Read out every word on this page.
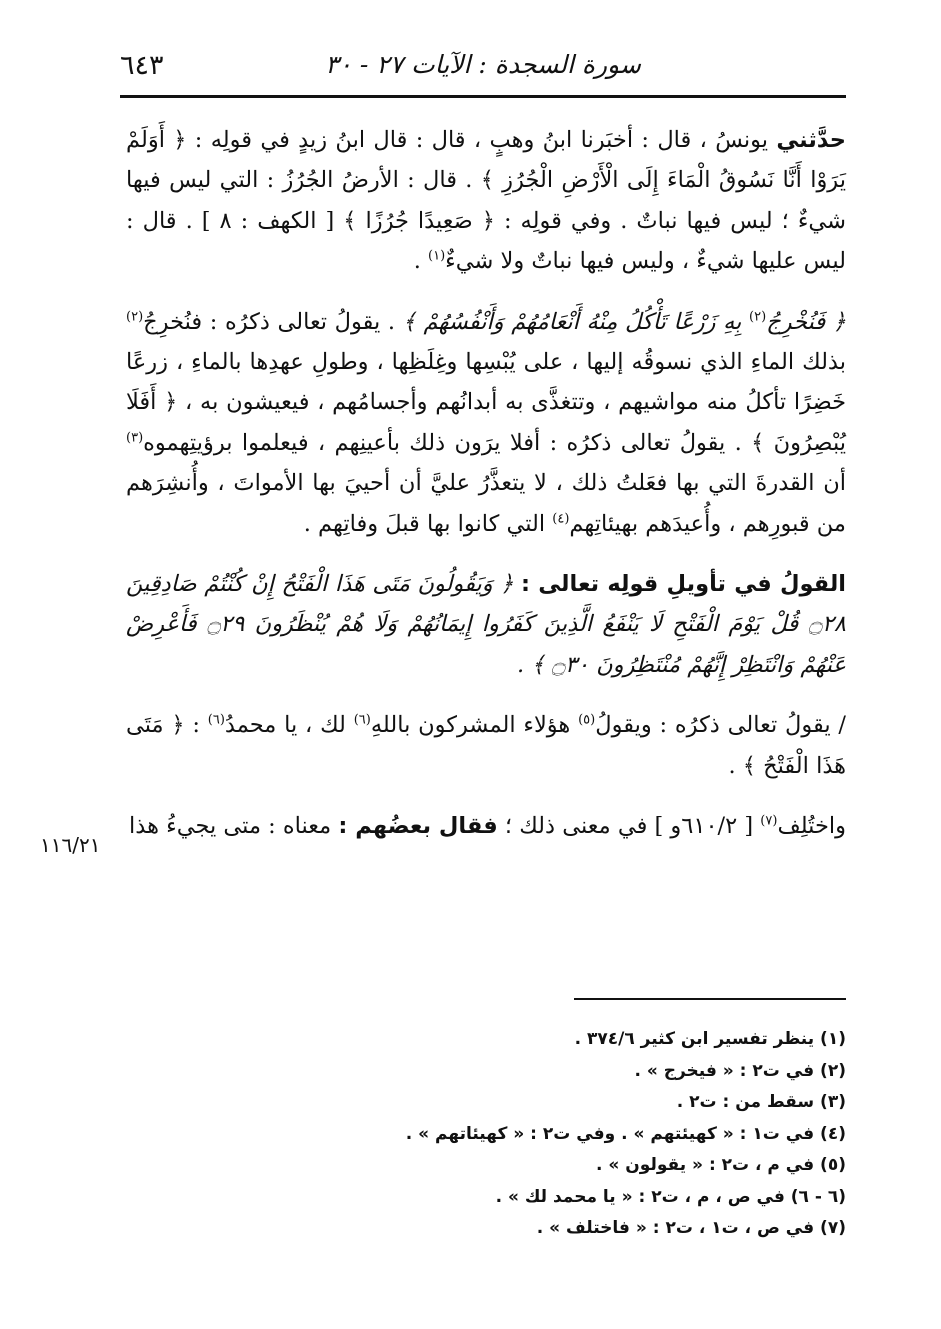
٦٤٣	سورة السجدة : الآيات ٢٧ - ٣٠

حدَّثني يونسُ ، قال : أخبَرنا ابنُ وهبٍ ، قال : قال ابنُ زيدٍ في قولِه : ﴿ أَوَلَمْ يَرَوْا أَنَّا نَسُوقُ الْمَاءَ إِلَى الْأَرْضِ الْجُرُزِ ﴾ . قال : الأرضُ الجُرُزُ : التي ليس فيها شيءٌ ؛ ليس فيها نباتٌ . وفي قولِه : ﴿ صَعِيدًا جُرُزًا ﴾ [ الكهف : ٨ ] . قال : ليس عليها شيءٌ ، وليس فيها نباتٌ ولا شيءٌ$^{(١)}$ .

﴿ فَنُخْرِجُ$^{(٢)}$ بِهِ زَرْعًا تَأْكُلُ مِنْهُ أَنْعَامُهُمْ وَأَنْفُسُهُمْ ﴾ . يقولُ تعالى ذكرُه : فنُخرِجُ$^{(٢)}$ بذلك الماءِ الذي نسوقُه إليها ، على يُبْسِها وغِلَظِها ، وطولِ عهدِها بالماءِ ، زرعًا خَضِرًا تأكلُ منه مواشيهم ، وتتغذَّى به أبدانُهم وأجسامُهم ، فيعيشون به ، ﴿ أَفَلَا يُبْصِرُونَ ﴾ . يقولُ تعالى ذكرُه : أفلا يرَون ذلك بأعينِهم ، فيعلموا برؤيتِهموه$^{(٣)}$ أن القدرةَ التي بها فعَلتُ ذلك ، لا يتعذَّرُ عليَّ أن أحييَ بها الأمواتَ ، وأُنشِرَهم من قبورِهم ، وأُعيدَهم بهيئاتِهم$^{(٤)}$ التي كانوا بها قبلَ وفاتِهم .

القولُ في تأويلِ قولِه تعالى : ﴿ وَيَقُولُونَ مَتَى هَذَا الْفَتْحُ إِنْ كُنْتُمْ صَادِقِينَ ۝٢٨ قُلْ يَوْمَ الْفَتْحِ لَا يَنْفَعُ الَّذِينَ كَفَرُوا إِيمَانُهُمْ وَلَا هُمْ يُنْظَرُونَ ۝٢٩ فَأَعْرِضْ عَنْهُمْ وَانْتَظِرْ إِنَّهُمْ مُنْتَظِرُونَ ۝٣٠ ﴾ .

/ يقولُ تعالى ذكرُه : ويقولُ$^{(٥)}$ هؤلاء المشركون باللهِ$^{(٦)}$ لك ، يا محمدُ$^{(٦)}$ : ﴿ مَتَى هَذَا الْفَتْحُ ﴾ .

واختُلِف$^{(٧)}$ [ ٦١٠/٢و ] في معنى ذلك ؛ فقال بعضُهم : معناه : متى يجيءُ هذا

١١٦/٢١
(١) ينظر تفسير ابن كثير ٣٧٤/٦ .
(٢) في ت٢ : « فيخرج » .
(٣) سقط من : ت٢ .
(٤) في ت١ : « كهيئتهم » . وفي ت٢ : « كهيئاتهم » .
(٥) في م ، ت٢ : « يقولون » .
(٦ - ٦) في ص ، م ، ت٢ : « يا محمد لك » .
(٧) في ص ، ت١ ، ت٢ : « فاختلف » .
